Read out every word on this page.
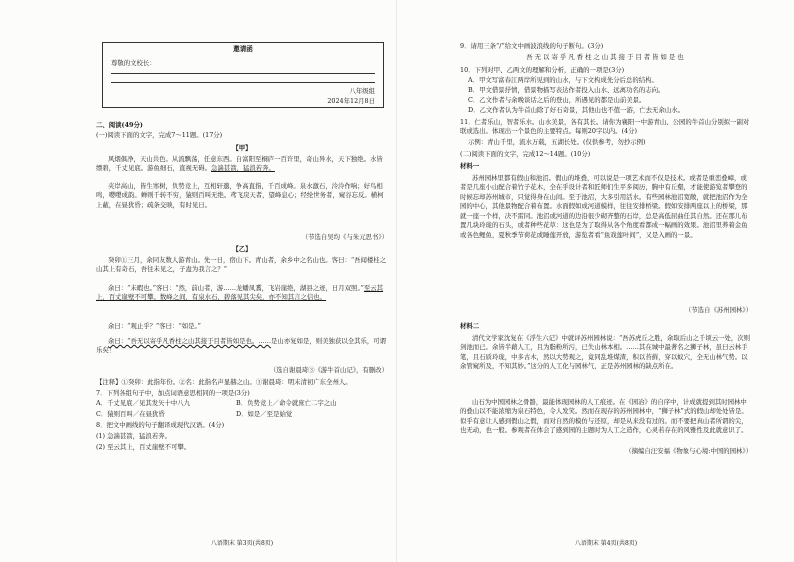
邀请函
尊敬的文校长：
八年级组
2024年12月8日
二、阅读(49分)
(一)阅读下面的文字，完成7～11题。(17分)
【甲】
风烟俱净，天山共色。从流飘荡，任意东西。自富阳至桐庐一百许里，奇山异水，天下独绝。水皆缥碧，千丈见底。游鱼细石，直视无碍。急湍甚箭，猛浪若奔。
夹岸高山，皆生寒树，负势竞上，互相轩邈，争高直指，千百成峰。泉水激石，泠泠作响；好鸟相鸣，嘤嘤成韵。蝉则千转不穷，猿则百叫无绝。鸢飞戾天者，望峰息心；经纶世务者，窥谷忘反。横柯上蔽，在昼犹昏；疏条交映，有时见日。
（节选自吴均《与朱元思书》）
【乙】
癸卯①三月，余同友数人游青山。先一日，宿山下。青山者，余乡中之名山也。客曰：“吾闻楼桂之山其上有奇石，吾往未见之，子盍为我言之？”
余曰：“未暇也。”客曰：“然，前山者，游……龙蟠凤翥，飞岩崖绝，湖县之迹，日月双照。”至云其上，百丈崖壁不可攀。数峰之间，有泉水石，碧落见其尖矣，亦不知其言之信也。
余曰：“观止乎？”客曰：“如是。”
余曰：“吾无以寄乎凡香柱之山其接于目者皆如是也。……是山亦复如是，则美独获以全其乐，可谓乐矣！”
（选自谢晨琦③《游牛首山记》，有删改）
【注释】①癸卯：此指年份。②名：此指名声显赫之山。③谢晨琦：明末清初广东全州人。
7．下列各组句子中，加点词语意思相同的一项是(3分)
A．千丈见底／见其发矢十中八九	B．负势竞上／命令就庶亡二字之山
C．猿则百叫／在昼犹昏	D．如是／至是始觉
8．把文中画线的句子翻译成现代汉语。(4分)
(1) 急湍甚箭，猛浪若奔。
(2) 至云其上，百丈崖壁不可攀。
八语期末 第3页(共8页)
9．请用三条“/”给文中画波浪线的句子断句。(3分)
吾无以寄乎凡香柱之山其接于目者皆如是也
10．下列对甲、乙两文的理解和分析，正确的一项是(3分)
A．甲文写富春江两岸所见到的山水，与下文构成先分后总的结构。
B．甲文借景抒情，借景物描写表达作者投入山水、远离功名的志向。
C．乙文作者与余晚谈话之后的登山，所遇见的都是山前美景。
D．乙文作者认为牛首山除了好石奇景，其他山也不值一游，亡去无余山水。
11．仁者乐山，智者乐水。山水美景，各有其长。请你为襄阳一中游青山、公园的牛首山分别拟一副对联或选出。体现出一个景色的主要特点。每则20字以内。(4分)
示例：青山千里，流水万载，五湖长处。(仅供参考，勿抄示例)
(二)阅读下面的文字，完成12～14题。(10分)
材料一
苏州园林里都有假山和池沼。假山的堆叠，可以说是一项艺术而不仅是技术。或者是重峦叠嶂，或者是几座小山配合着竹子花木，全在乎设计者和匠师们生平多阅历，胸中有丘壑，才能使游览者攀登的时候忘却苏州城市，只觉得身在山间。至于池沼，大多引用活水。有些园林池沼宽敞，就把池沼作为全园的中心，其他景物配合着布置。水面假如成河道模样，往往安排桥梁。假如安排两座以上的桥梁，那就一座一个样，决不雷同。池沼或河道的边沿很少砌齐整的石岸，总是高低屈曲任其自然。还在那儿布置几块玲珑的石头，或者种些花草：这也是为了取得从各个角度看都成一幅画的效果。池沼里养着金鱼或各色鲤鱼，夏秋季节荷花或睡莲开放，游览者看“鱼戏莲叶间”，又是入画的一景。
（节选自《苏州园林》）
材料二
清代文学家沈复在《浮生六记》中就评苏州园林说：“吾苏虎丘之胜，余取后山之千顷云一处，次则剑池而已。余皆半藉人工，且为脂粉所污，已失山林本相。……其在城中最著名之狮子林，虽曰云林手笔，且石质玲珑，中多古木，然以大势观之，竟同乱堆煤渣，积以苔藓，穿以蚁穴，全无山林气势。以余管窥所及，不知其妙。”这分的人工化与园林气，正是苏州园林的缺点所在。
山石为中国园林之骨骼，最能体现园林的人工痕迹。在《园冶》的自序中，计成就提到其时园林中的叠山以不能浓缩为泉石特色，令人发笑。然而在现存的苏州园林中，“狮子林”式的假山却处处皆是。似乎有意让人感到假山之假，而对自然的模仿与还原，却是从来没有过的。而不要把真山者所谓的尖，也无动，也一般。参观者在体会了感到园的主题时为人工之造作，心灵若存在的风雅性及此就意识了。
（摘编自汪安福《物象与心境:中国的园林》）
八语期末 第4页(共8页)
